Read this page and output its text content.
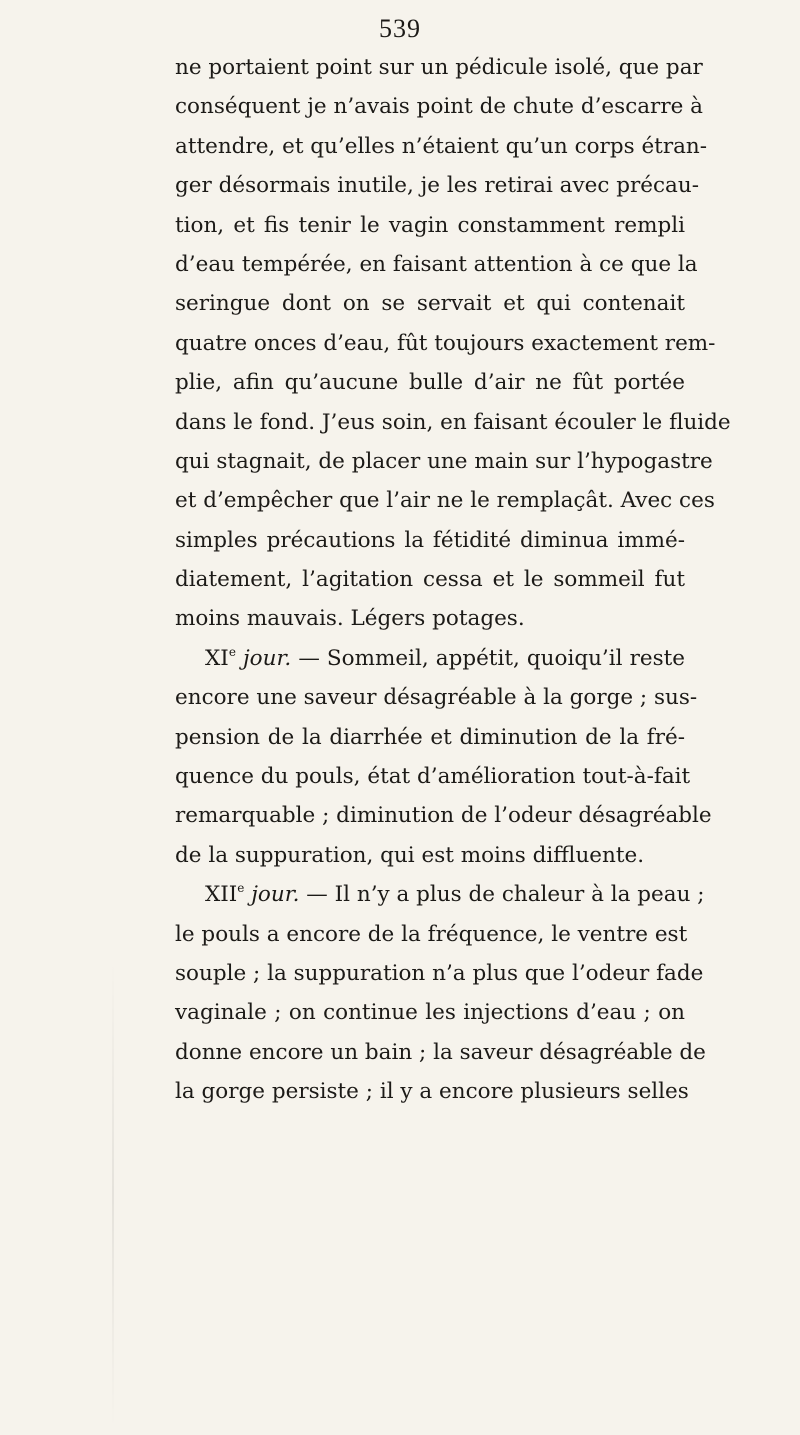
539
ne portaient point sur un pédicule isolé, que par
conséquent je n’avais point de chute d’escarre à
attendre, et qu’elles n’étaient qu’un corps étran-
ger désormais inutile, je les retirai avec précau-
tion, et fis tenir le vagin constamment rempli
d’eau tempérée, en faisant attention à ce que la
seringue dont on se servait et qui contenait
quatre onces d’eau, fût toujours exactement rem-
plie, afin qu’aucune bulle d’air ne fût portée
dans le fond. J’eus soin, en faisant écouler le fluide
qui stagnait, de placer une main sur l’hypogastre
et d’empêcher que l’air ne le remplaçât. Avec ces
simples précautions la fétidité diminua immé-
diatement, l’agitation cessa et le sommeil fut
moins mauvais. Légers potages.
XIe jour. — Sommeil, appétit, quoiqu’il reste
encore une saveur désagréable à la gorge ; sus-
pension de la diarrhée et diminution de la fré-
quence du pouls, état d’amélioration tout-à-fait
remarquable ; diminution de l’odeur désagréable
de la suppuration, qui est moins diffluente.
XIIe jour. — Il n’y a plus de chaleur à la peau ;
le pouls a encore de la fréquence, le ventre est
souple ; la suppuration n’a plus que l’odeur fade
vaginale ; on continue les injections d’eau ; on
donne encore un bain ; la saveur désagréable de
la gorge persiste ; il y a encore plusieurs selles
